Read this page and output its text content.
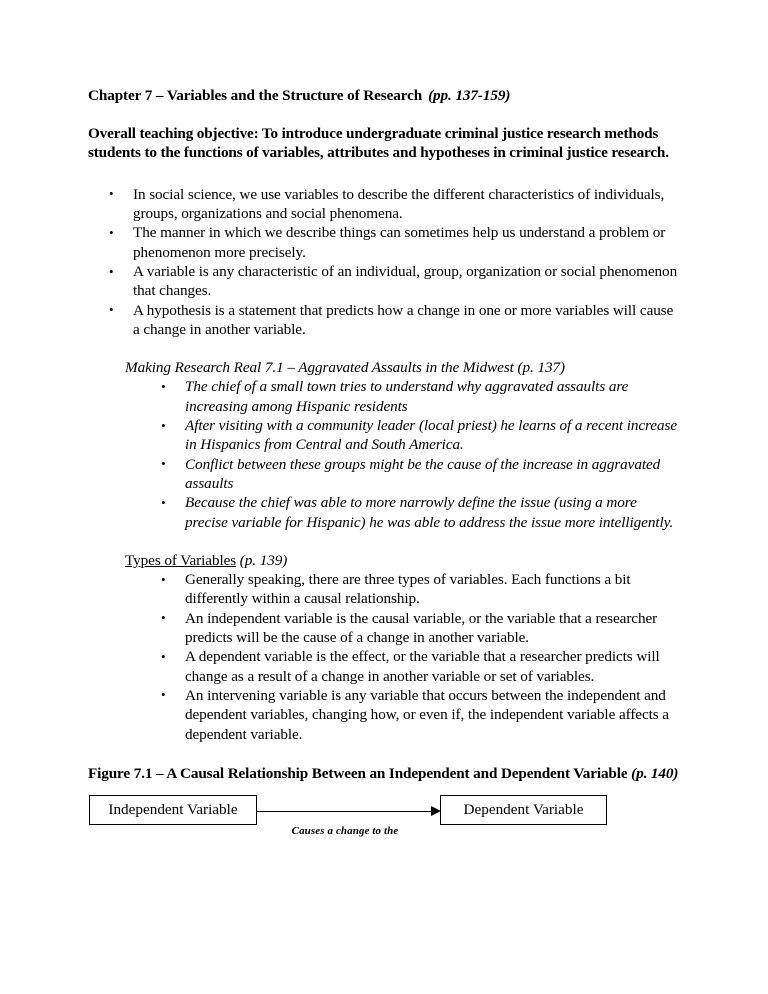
Chapter 7 – Variables and the Structure of Research (pp. 137-159)

Overall teaching objective: To introduce undergraduate criminal justice research methods students to the functions of variables, attributes and hypotheses in criminal justice research.

• In social science, we use variables to describe the different characteristics of individuals, groups, organizations and social phenomena.
• The manner in which we describe things can sometimes help us understand a problem or phenomenon more precisely.
• A variable is any characteristic of an individual, group, organization or social phenomenon that changes.
• A hypothesis is a statement that predicts how a change in one or more variables will cause a change in another variable.
Making Research Real 7.1 – Aggravated Assaults in the Midwest (p. 137)
• The chief of a small town tries to understand why aggravated assaults are increasing among Hispanic residents
• After visiting with a community leader (local priest) he learns of a recent increase in Hispanics from Central and South America.
• Conflict between these groups might be the cause of the increase in aggravated assaults
• Because the chief was able to more narrowly define the issue (using a more precise variable for Hispanic) he was able to address the issue more intelligently.
Types of Variables (p. 139)
• Generally speaking, there are three types of variables. Each functions a bit differently within a causal relationship.
• An independent variable is the causal variable, or the variable that a researcher predicts will be the cause of a change in another variable.
• A dependent variable is the effect, or the variable that a researcher predicts will change as a result of a change in another variable or set of variables.
• An intervening variable is any variable that occurs between the independent and dependent variables, changing how, or even if, the independent variable affects a dependent variable.

Figure 7.1 – A Causal Relationship Between an Independent and Dependent Variable (p. 140)

Independent Variable
Causes a change to the
Dependent Variable
